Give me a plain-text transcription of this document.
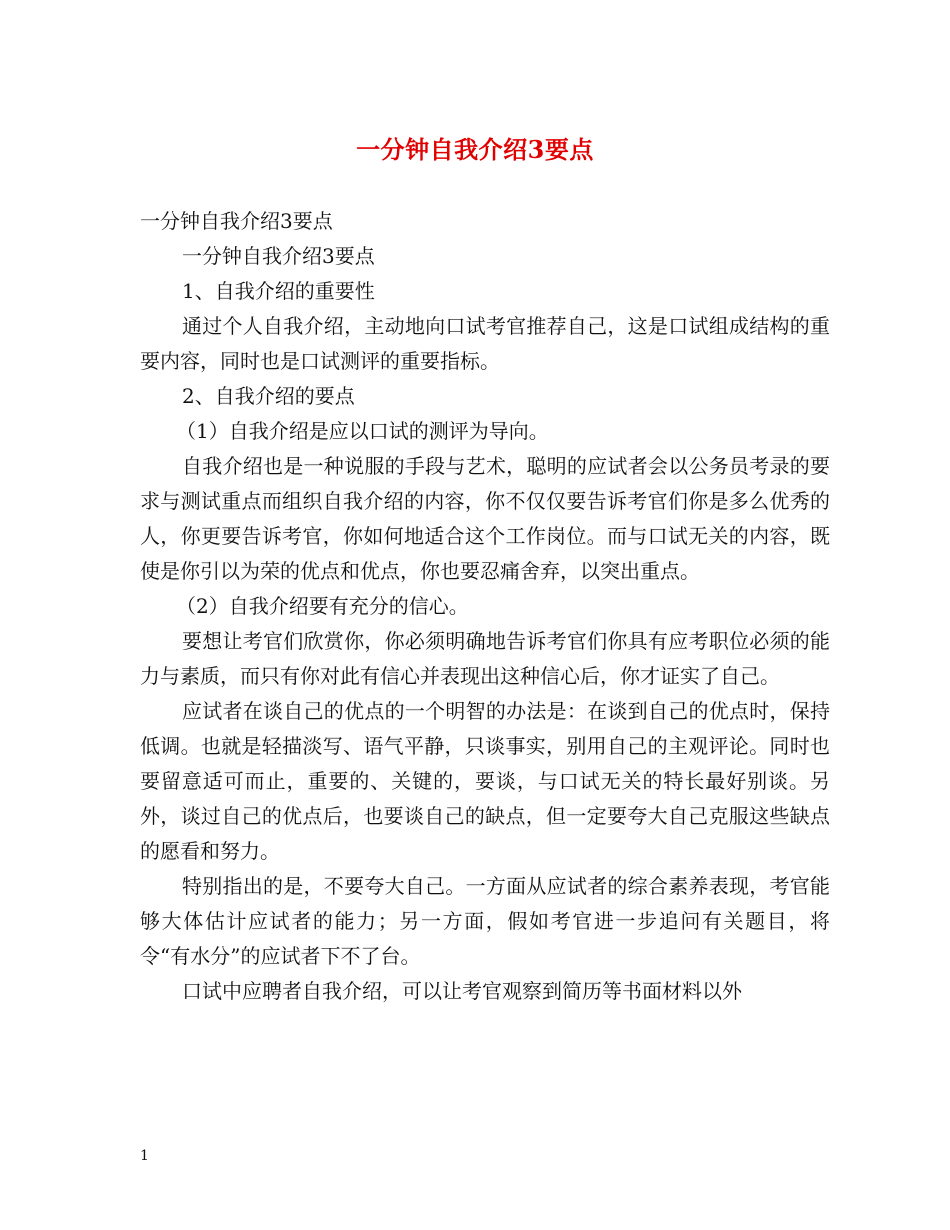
一分钟自我介绍3要点

一分钟自我介绍3要点

一分钟自我介绍3要点

1、自我介绍的重要性

通过个人自我介绍，主动地向口试考官推荐自己，这是口试组成结构的重要内容，同时也是口试测评的重要指标。

2、自我介绍的要点

（1）自我介绍是应以口试的测评为导向。

自我介绍也是一种说服的手段与艺术，聪明的应试者会以公务员考录的要求与测试重点而组织自我介绍的内容，你不仅仅要告诉考官们你是多么优秀的人，你更要告诉考官，你如何地适合这个工作岗位。而与口试无关的内容，既使是你引以为荣的优点和优点，你也要忍痛舍弃，以突出重点。

（2）自我介绍要有充分的信心。

要想让考官们欣赏你，你必须明确地告诉考官们你具有应考职位必须的能力与素质，而只有你对此有信心并表现出这种信心后，你才证实了自己。

应试者在谈自己的优点的一个明智的办法是：在谈到自己的优点时，保持低调。也就是轻描淡写、语气平静，只谈事实，别用自己的主观评论。同时也要留意适可而止，重要的、关键的，要谈，与口试无关的特长最好别谈。另外，谈过自己的优点后，也要谈自己的缺点，但一定要夸大自己克服这些缺点的愿看和努力。

特别指出的是，不要夸大自己。一方面从应试者的综合素养表现，考官能够大体估计应试者的能力；另一方面，假如考官进一步追问有关题目，将令“有水分”的应试者下不了台。

口试中应聘者自我介绍，可以让考官观察到简历等书面材料以外

1
